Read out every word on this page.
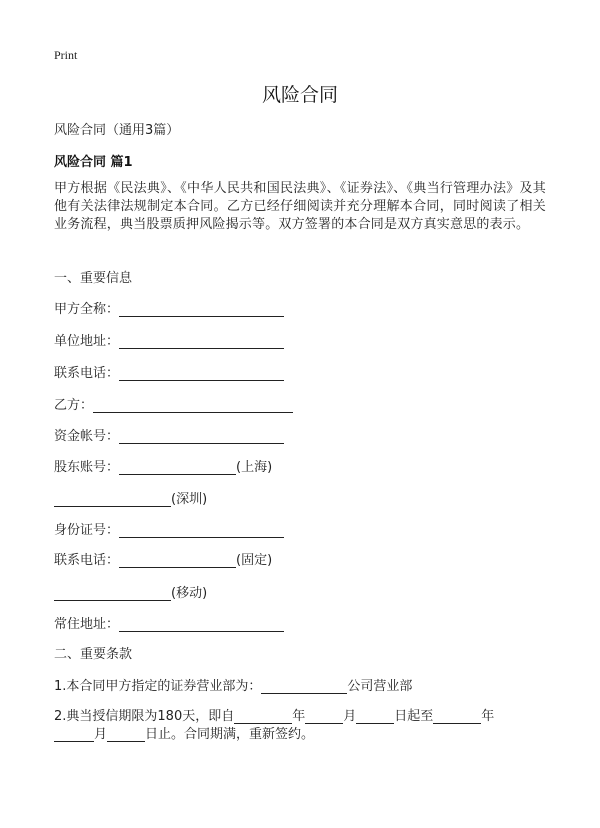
Print
风险合同
风险合同（通用3篇）
风险合同 篇1
甲方根据《民法典》、《中华人民共和国民法典》、《证券法》、《典当行管理办法》及其他有关法律法规制定本合同。乙方已经仔细阅读并充分理解本合同，同时阅读了相关业务流程，典当股票质押风险揭示等。双方签署的本合同是双方真实意思的表示。
一、重要信息
甲方全称：
单位地址：
联系电话：
乙方：
资金帐号：
股东账号：	(上海)
(深圳)
身份证号：
联系电话：	(固定)
(移动)
常住地址：
二、重要条款
1.本合同甲方指定的证券营业部为：	公司营业部
2.典当授信期限为180天，即自	年	月	日起至	年
月	日止。合同期满，重新签约。
